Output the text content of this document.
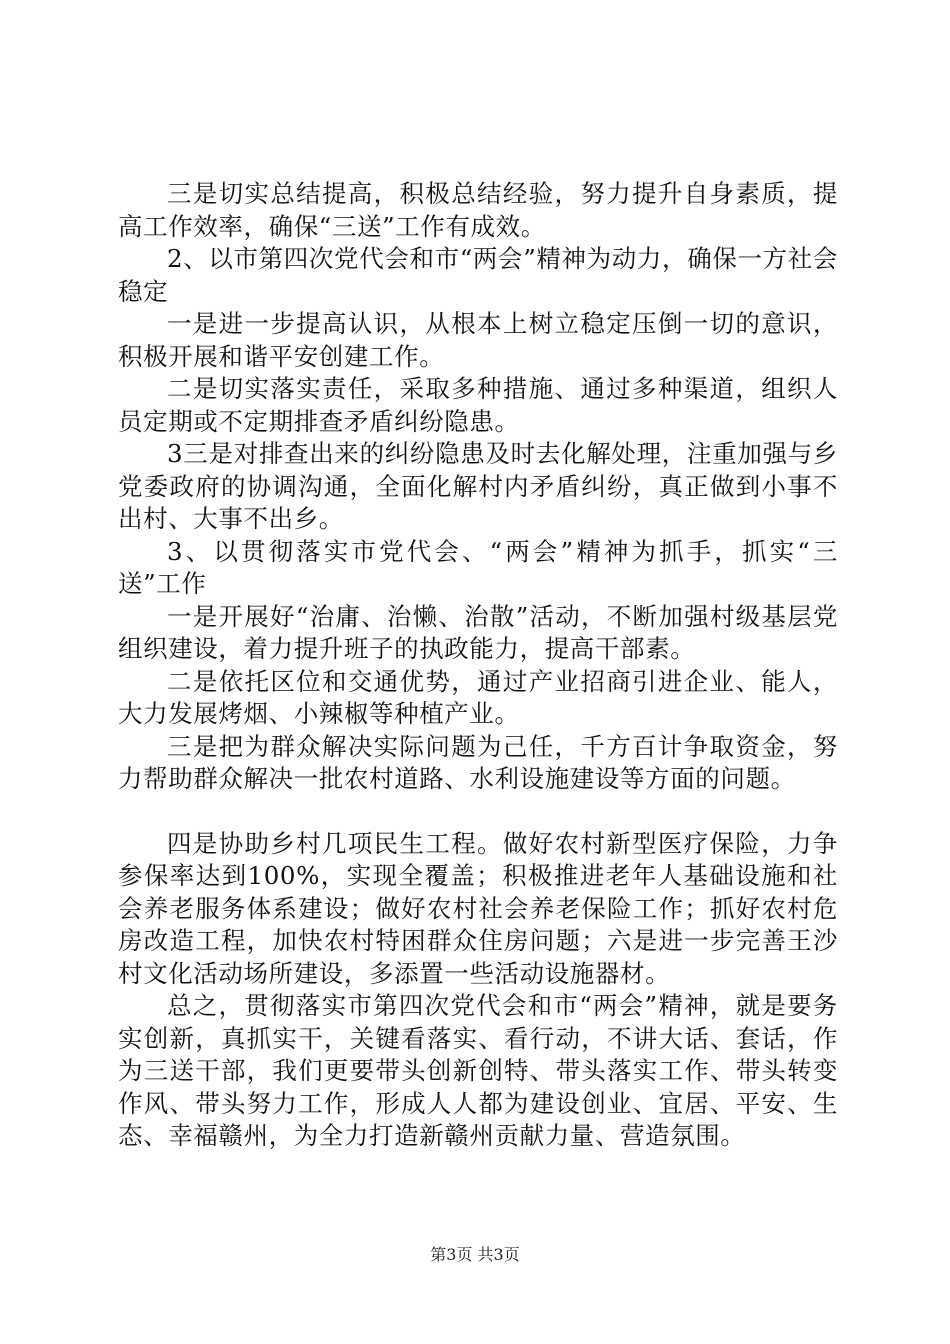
三是切实总结提高，积极总结经验，努力提升自身素质，提高工作效率，确保“三送”工作有成效。

2、以市第四次党代会和市“两会”精神为动力，确保一方社会稳定

一是进一步提高认识，从根本上树立稳定压倒一切的意识，积极开展和谐平安创建工作。

二是切实落实责任，采取多种措施、通过多种渠道，组织人员定期或不定期排查矛盾纠纷隐患。

3三是对排查出来的纠纷隐患及时去化解处理，注重加强与乡党委政府的协调沟通，全面化解村内矛盾纠纷，真正做到小事不出村、大事不出乡。

3、以贯彻落实市党代会、“两会”精神为抓手，抓实“三送”工作

一是开展好“治庸、治懒、治散”活动，不断加强村级基层党组织建设，着力提升班子的执政能力，提高干部素。

二是依托区位和交通优势，通过产业招商引进企业、能人，大力发展烤烟、小辣椒等种植产业。

三是把为群众解决实际问题为己任，千方百计争取资金，努力帮助群众解决一批农村道路、水利设施建设等方面的问题。

四是协助乡村几项民生工程。做好农村新型医疗保险，力争参保率达到100%，实现全覆盖；积极推进老年人基础设施和社会养老服务体系建设；做好农村社会养老保险工作；抓好农村危房改造工程，加快农村特困群众住房问题；六是进一步完善王沙村文化活动场所建设，多添置一些活动设施器材。

总之，贯彻落实市第四次党代会和市“两会”精神，就是要务实创新，真抓实干，关键看落实、看行动，不讲大话、套话，作为三送干部，我们更要带头创新创特、带头落实工作、带头转变作风、带头努力工作，形成人人都为建设创业、宜居、平安、生态、幸福赣州，为全力打造新赣州贡献力量、营造氛围。

第3页 共3页
